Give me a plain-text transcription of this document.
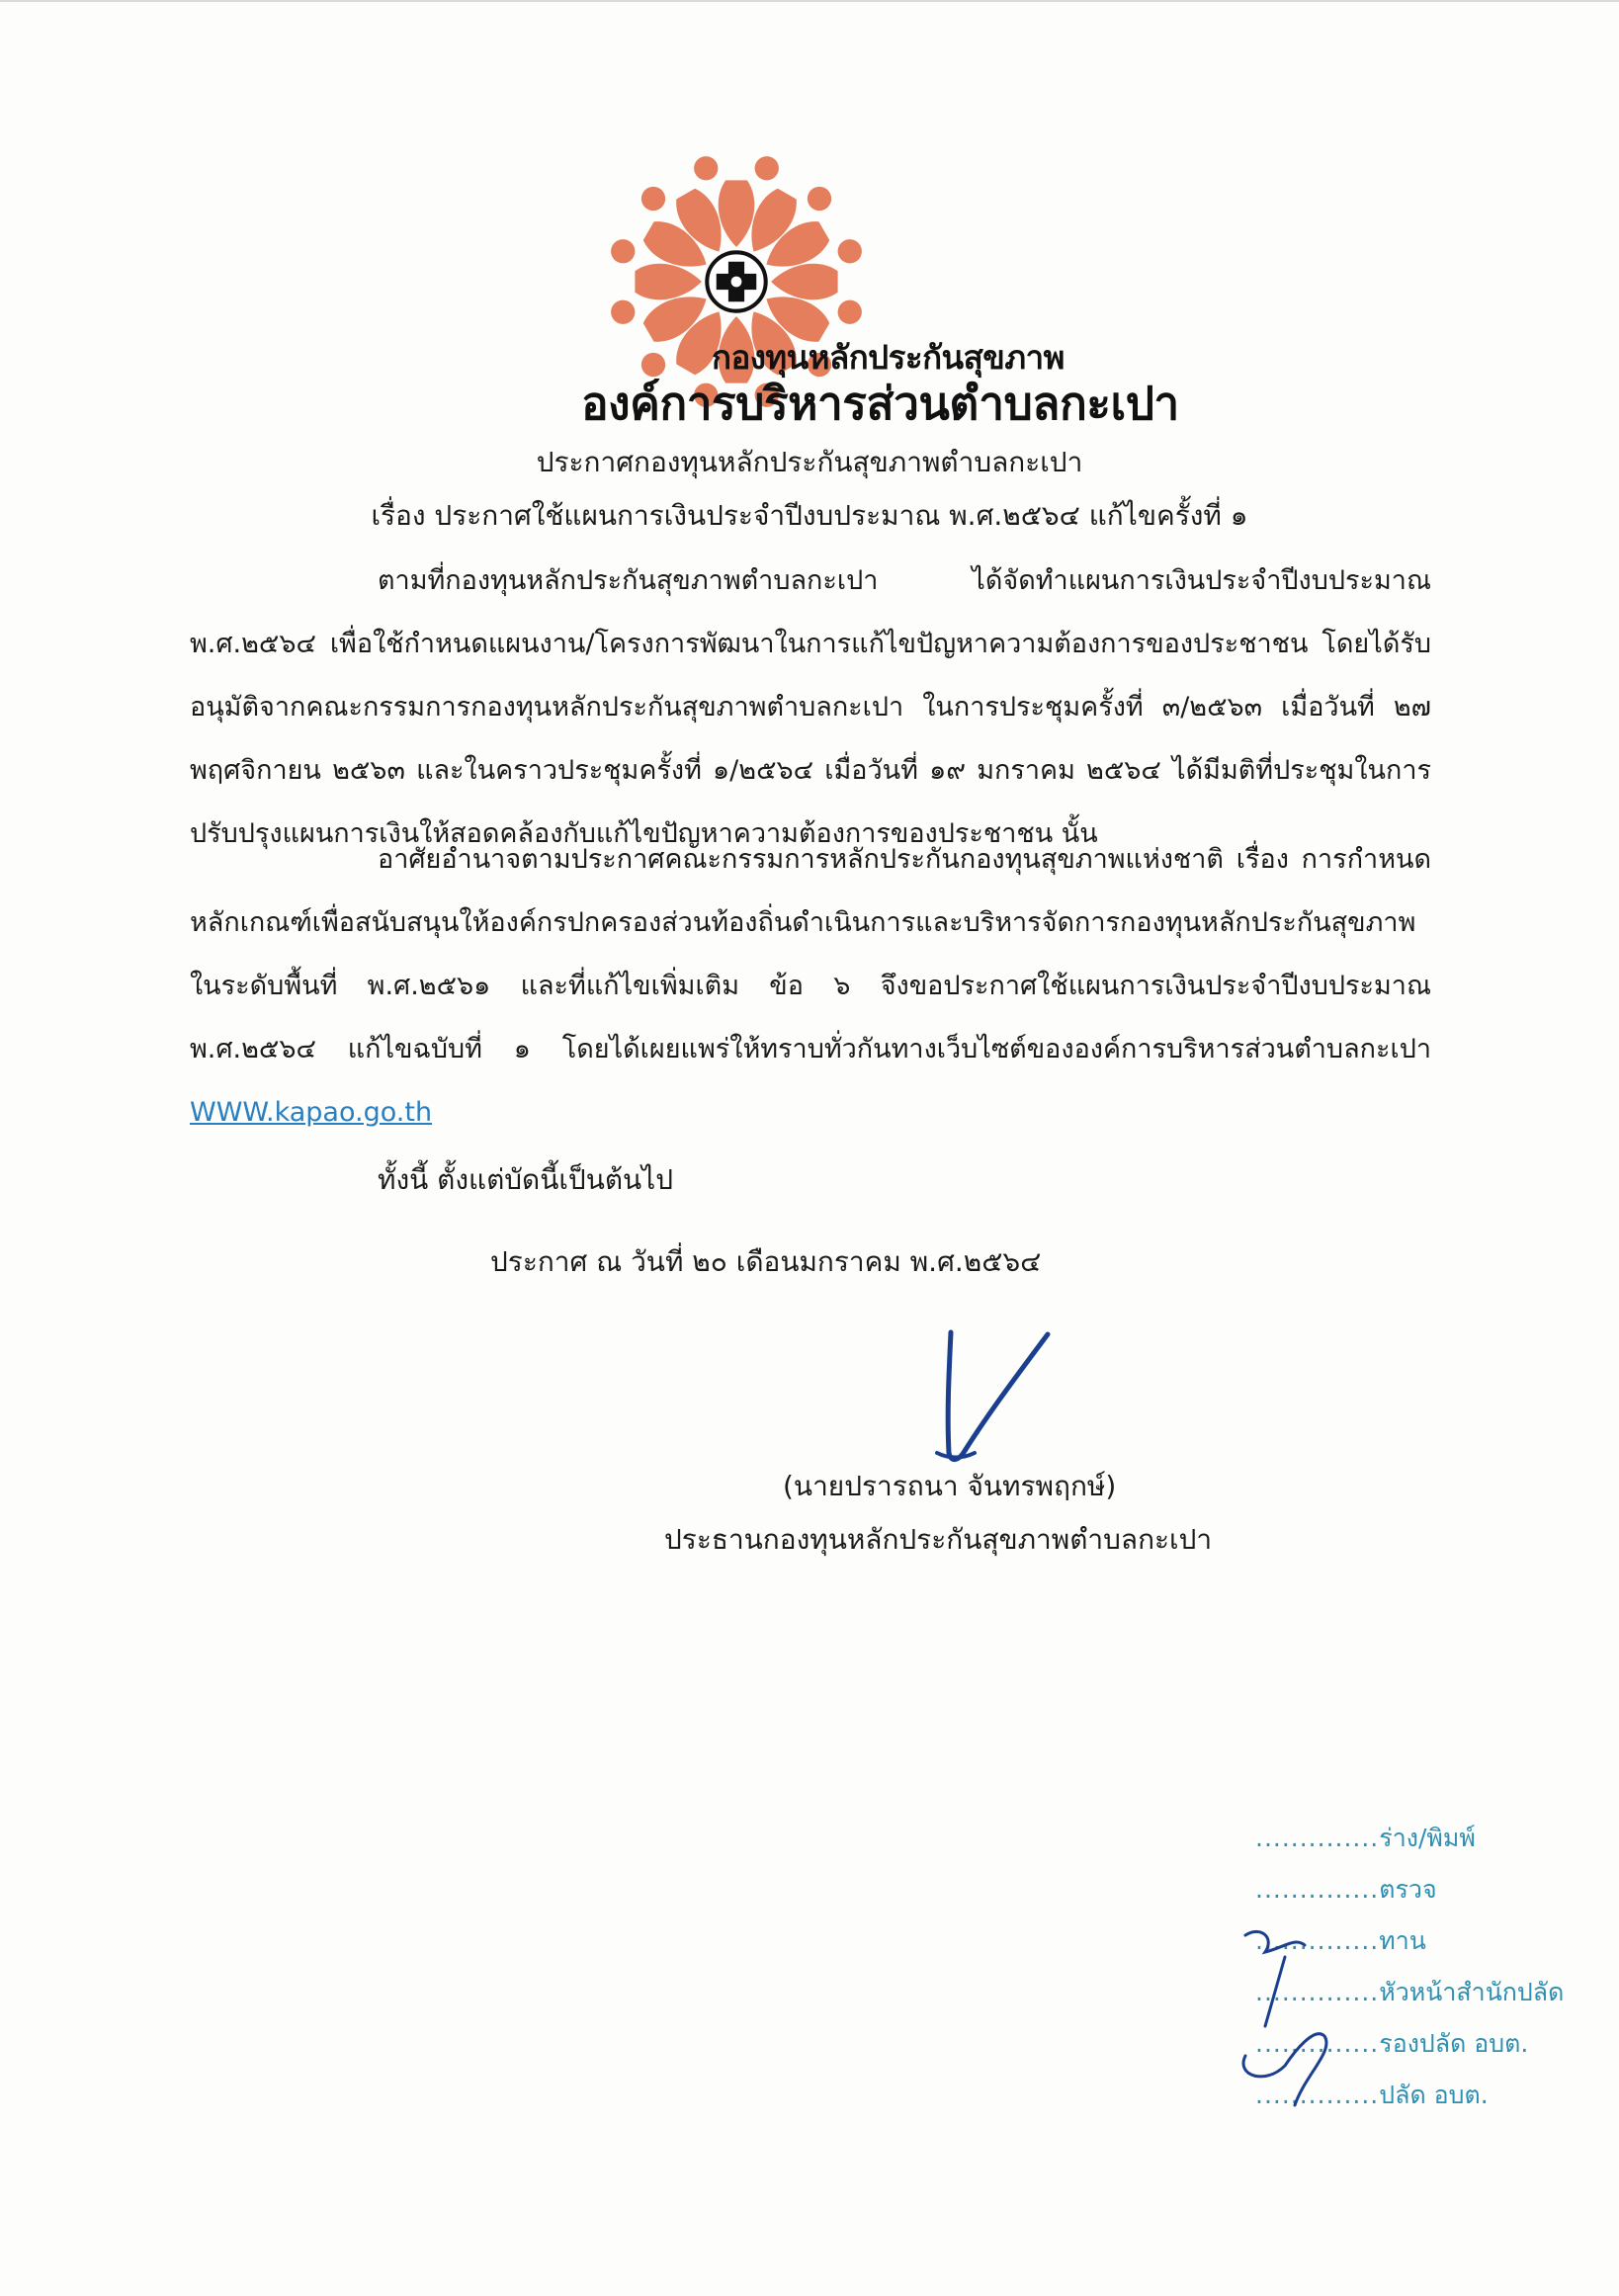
กองทุนหลักประกันสุขภาพ
องค์การบริหารส่วนตำบลกะเปา
ประกาศกองทุนหลักประกันสุขภาพตำบลกะเปา
เรื่อง ประกาศใช้แผนการเงินประจำปีงบประมาณ พ.ศ.๒๕๖๔ แก้ไขครั้งที่ ๑
ตามที่กองทุนหลักประกันสุขภาพตำบลกะเปา ได้จัดทำแผนการเงินประจำปีงบประมาณ พ.ศ.๒๕๖๔ เพื่อใช้กำหนดแผนงาน/โครงการพัฒนาในการแก้ไขปัญหาความต้องการของประชาชน โดยได้รับอนุมัติจากคณะกรรมการกองทุนหลักประกันสุขภาพตำบลกะเปา ในการประชุมครั้งที่ ๓/๒๕๖๓ เมื่อวันที่ ๒๗ พฤศจิกายน ๒๕๖๓ และในคราวประชุมครั้งที่ ๑/๒๕๖๔ เมื่อวันที่ ๑๙ มกราคม ๒๕๖๔ ได้มีมติที่ประชุมในการปรับปรุงแผนการเงินให้สอดคล้องกับแก้ไขปัญหาความต้องการของประชาชน นั้น
อาศัยอำนาจตามประกาศคณะกรรมการหลักประกันกองทุนสุขภาพแห่งชาติ เรื่อง การกำหนดหลักเกณฑ์เพื่อสนับสนุนให้องค์กรปกครองส่วนท้องถิ่นดำเนินการและบริหารจัดการกองทุนหลักประกันสุขภาพในระดับพื้นที่ พ.ศ.๒๕๖๑ และที่แก้ไขเพิ่มเติม ข้อ ๖ จึงขอประกาศใช้แผนการเงินประจำปีงบประมาณ พ.ศ.๒๕๖๔ แก้ไขฉบับที่ ๑ โดยได้เผยแพร่ให้ทราบทั่วกันทางเว็บไซต์ขององค์การบริหารส่วนตำบลกะเปา WWW.kapao.go.th
ทั้งนี้ ตั้งแต่บัดนี้เป็นต้นไป
ประกาศ ณ วันที่ ๒๐ เดือนมกราคม พ.ศ.๒๕๖๔
(นายปรารถนา จันทรพฤกษ์)
ประธานกองทุนหลักประกันสุขภาพตำบลกะเปา
..............ร่าง/พิมพ์
..............ตรวจ
..............ทาน
..............หัวหน้าสำนักปลัด
..............รองปลัด อบต.
..............ปลัด อบต.
